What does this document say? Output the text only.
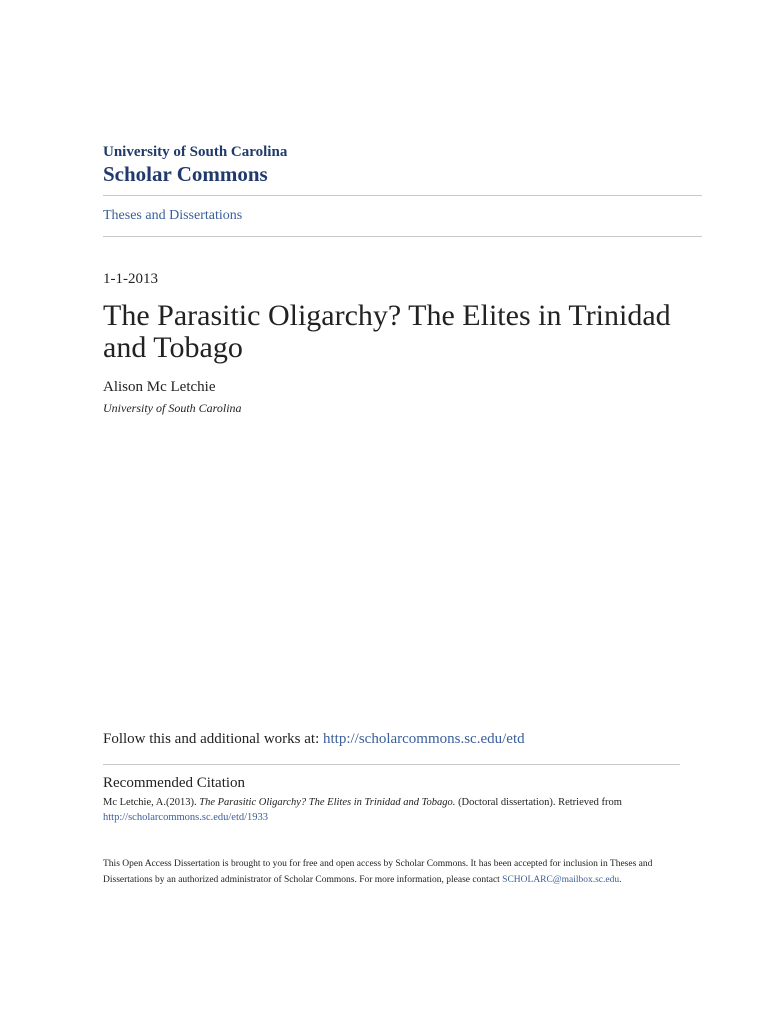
University of South Carolina
Scholar Commons
Theses and Dissertations
1-1-2013
The Parasitic Oligarchy? The Elites in Trinidad and Tobago
Alison Mc Letchie
University of South Carolina
Follow this and additional works at: http://scholarcommons.sc.edu/etd
Recommended Citation
Mc Letchie, A.(2013). The Parasitic Oligarchy? The Elites in Trinidad and Tobago. (Doctoral dissertation). Retrieved from
http://scholarcommons.sc.edu/etd/1933
This Open Access Dissertation is brought to you for free and open access by Scholar Commons. It has been accepted for inclusion in Theses and Dissertations by an authorized administrator of Scholar Commons. For more information, please contact SCHOLARC@mailbox.sc.edu.
